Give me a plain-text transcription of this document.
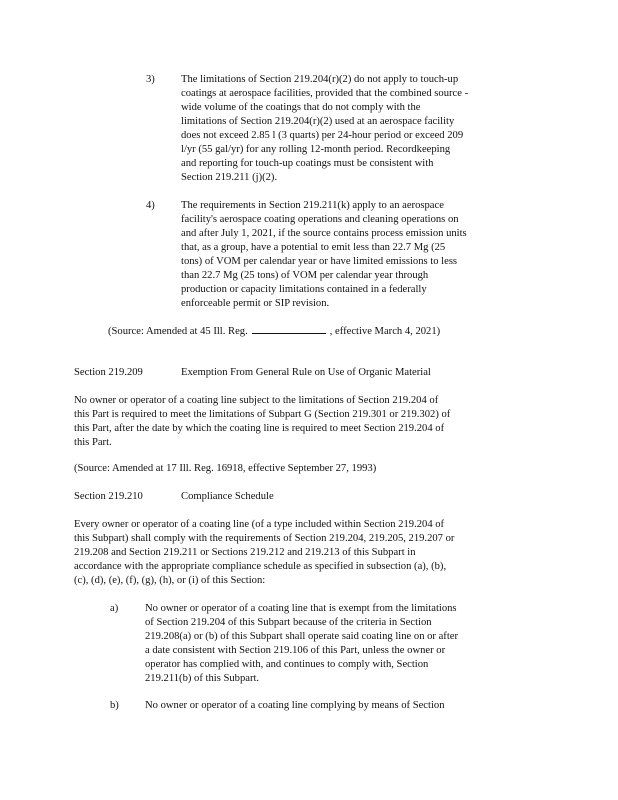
3) The limitations of Section 219.204(r)(2) do not apply to touch-up
coatings at aerospace facilities, provided that the combined source -
wide volume of the coatings that do not comply with the
limitations of Section 219.204(r)(2) used at an aerospace facility
does not exceed 2.85 l (3 quarts) per 24-hour period or exceed 209
l/yr (55 gal/yr) for any rolling 12-month period. Recordkeeping
and reporting for touch-up coatings must be consistent with
Section 219.211 (j)(2).
4) The requirements in Section 219.211(k) apply to an aerospace
facility's aerospace coating operations and cleaning operations on
and after July 1, 2021, if the source contains process emission units
that, as a group, have a potential to emit less than 22.7 Mg (25
tons) of VOM per calendar year or have limited emissions to less
than 22.7 Mg (25 tons) of VOM per calendar year through
production or capacity limitations contained in a federally
enforceable permit or SIP revision.
(Source: Amended at 45 Ill. Reg.	, effective March 4, 2021)
Section 219.209	Exemption From General Rule on Use of Organic Material
No owner or operator of a coating line subject to the limitations of Section 219.204 of
this Part is required to meet the limitations of Subpart G (Section 219.301 or 219.302) of
this Part, after the date by which the coating line is required to meet Section 219.204 of
this Part.
(Source: Amended at 17 Ill. Reg. 16918, effective September 27, 1993)
Section 219.210	Compliance Schedule
Every owner or operator of a coating line (of a type included within Section 219.204 of
this Subpart) shall comply with the requirements of Section 219.204, 219.205, 219.207 or
219.208 and Section 219.211 or Sections 219.212 and 219.213 of this Subpart in
accordance with the appropriate compliance schedule as specified in subsection (a), (b),
(c), (d), (e), (f), (g), (h), or (i) of this Section:
a)	No owner or operator of a coating line that is exempt from the limitations
of Section 219.204 of this Subpart because of the criteria in Section
219.208(a) or (b) of this Subpart shall operate said coating line on or after
a date consistent with Section 219.106 of this Part, unless the owner or
operator has complied with, and continues to comply with, Section
219.211(b) of this Subpart.
b) No owner or operator of a coating line complying by means of Section
